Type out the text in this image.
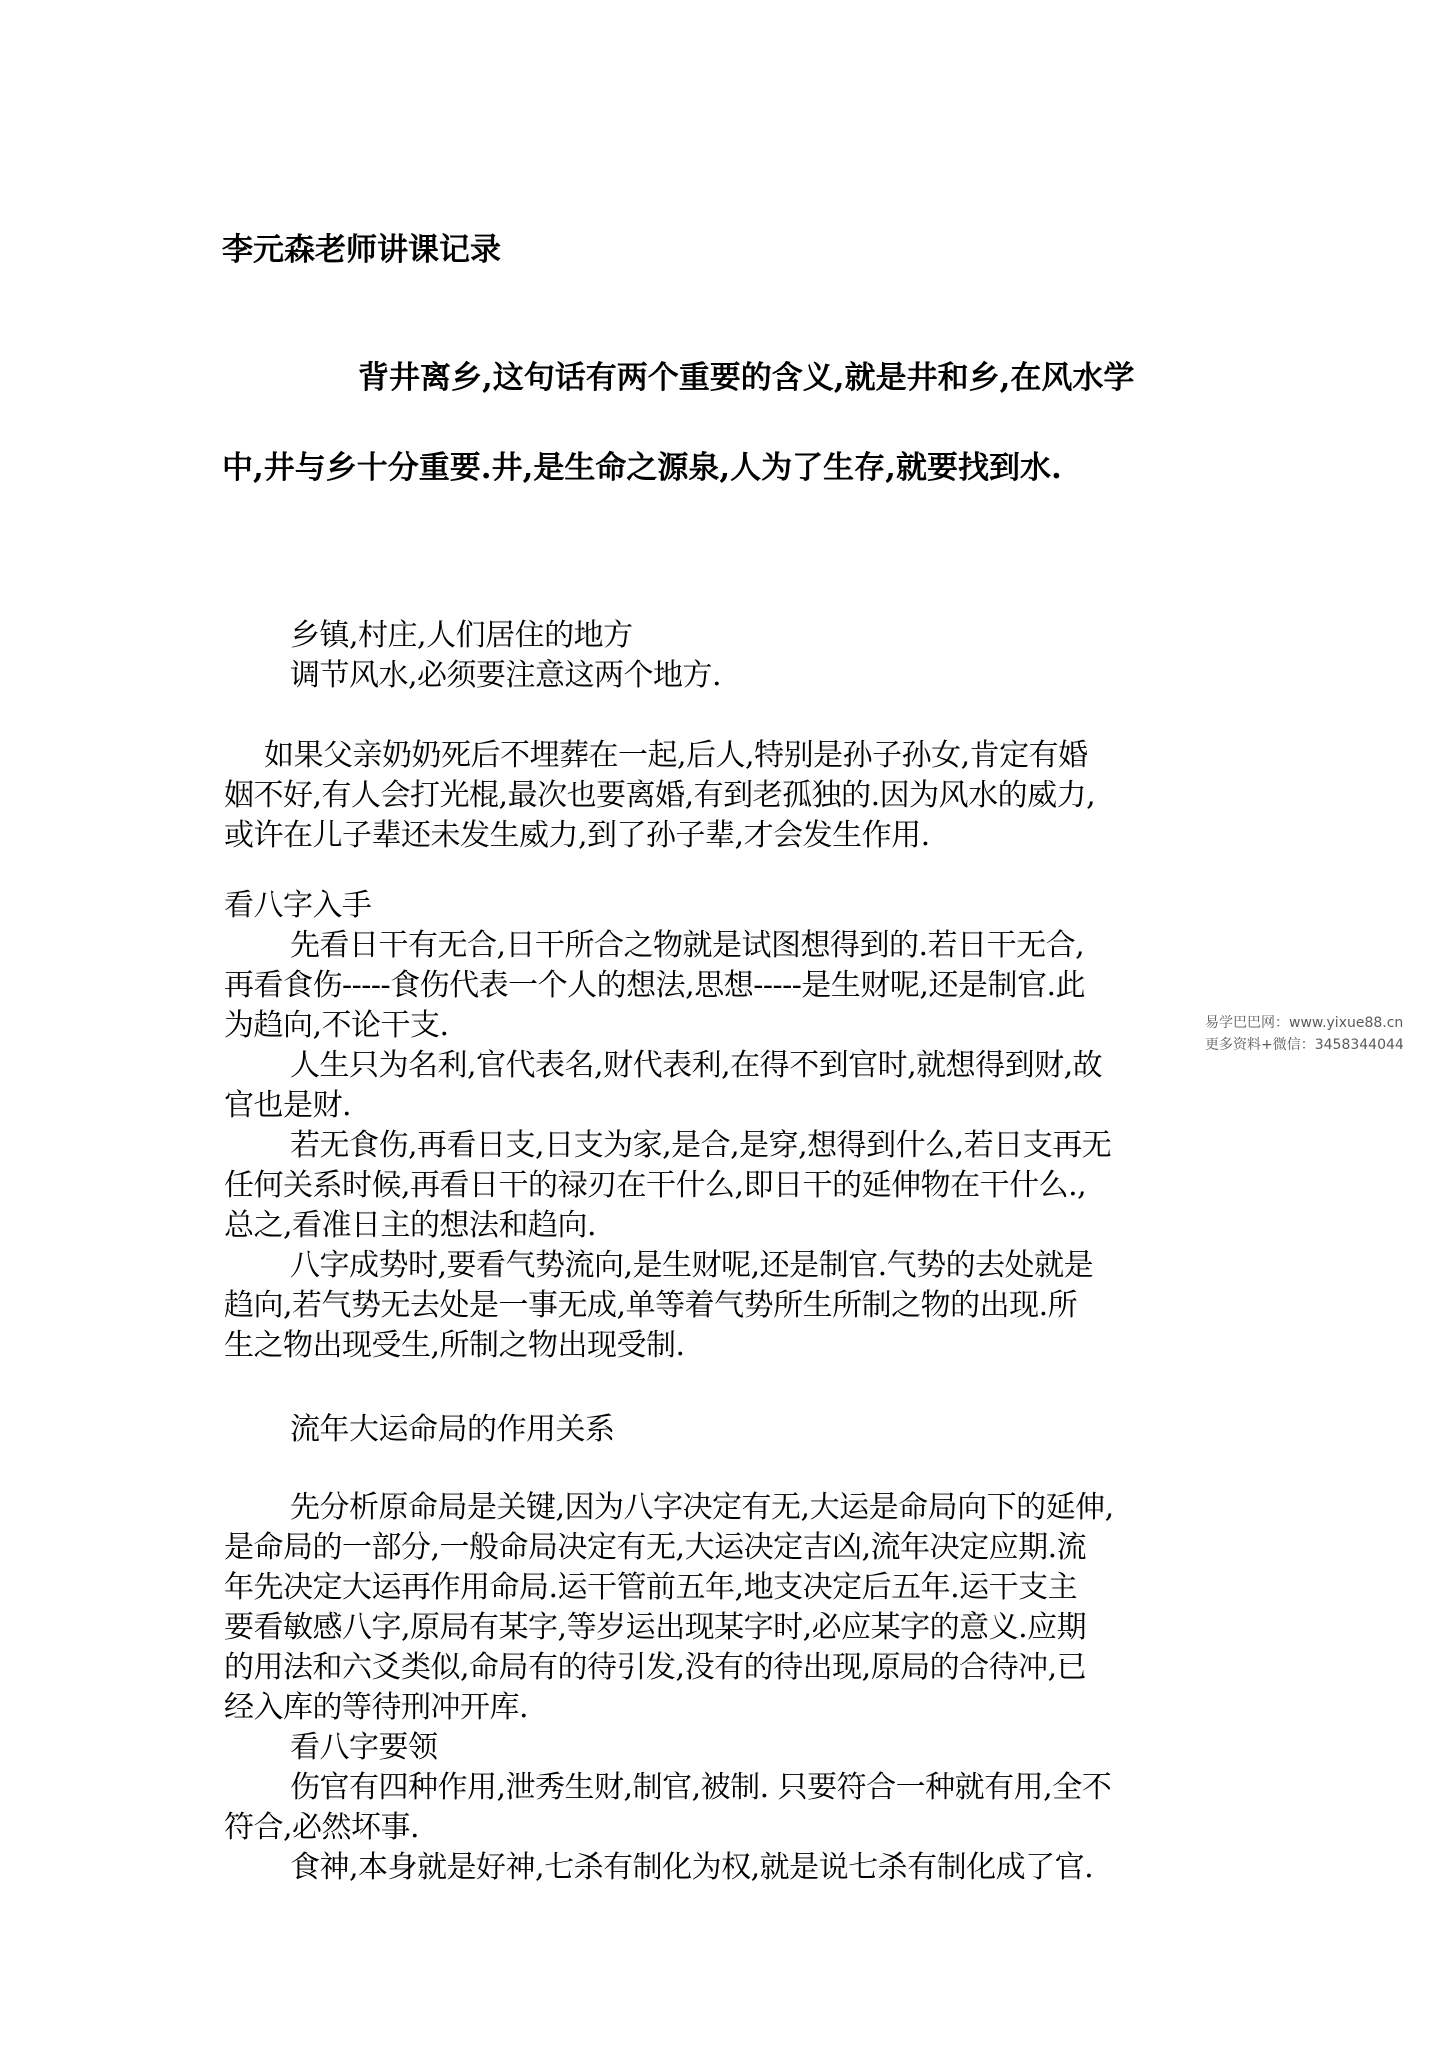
李元森老师讲课记录
背井离乡,这句话有两个重要的含义,就是井和乡,在风水学
中,井与乡十分重要.井,是生命之源泉,人为了生存,就要找到水.
乡镇,村庄,人们居住的地方
调节风水,必须要注意这两个地方.
如果父亲奶奶死后不埋葬在一起,后人,特别是孙子孙女,肯定有婚
姻不好,有人会打光棍,最次也要离婚,有到老孤独的.因为风水的威力,
或许在儿子辈还未发生威力,到了孙子辈,才会发生作用.
看八字入手
先看日干有无合,日干所合之物就是试图想得到的.若日干无合,
再看食伤-----食伤代表一个人的想法,思想-----是生财呢,还是制官.此
为趋向,不论干支.
人生只为名利,官代表名,财代表利,在得不到官时,就想得到财,故
官也是财.
若无食伤,再看日支,日支为家,是合,是穿,想得到什么,若日支再无
任何关系时候,再看日干的禄刃在干什么,即日干的延伸物在干什么.,
总之,看准日主的想法和趋向.
八字成势时,要看气势流向,是生财呢,还是制官.气势的去处就是
趋向,若气势无去处是一事无成,单等着气势所生所制之物的出现.所
生之物出现受生,所制之物出现受制.
流年大运命局的作用关系
先分析原命局是关键,因为八字决定有无,大运是命局向下的延伸,
是命局的一部分,一般命局决定有无,大运决定吉凶,流年决定应期.流
年先决定大运再作用命局.运干管前五年,地支决定后五年.运干支主
要看敏感八字,原局有某字,等岁运出现某字时,必应某字的意义.应期
的用法和六爻类似,命局有的待引发,没有的待出现,原局的合待冲,已
经入库的等待刑冲开库.
看八字要领
伤官有四种作用,泄秀生财,制官,被制. 只要符合一种就有用,全不
符合,必然坏事.
食神,本身就是好神,七杀有制化为权,就是说七杀有制化成了官.
易学巴巴网：www.yixue88.cn
更多资料+微信：3458344044
